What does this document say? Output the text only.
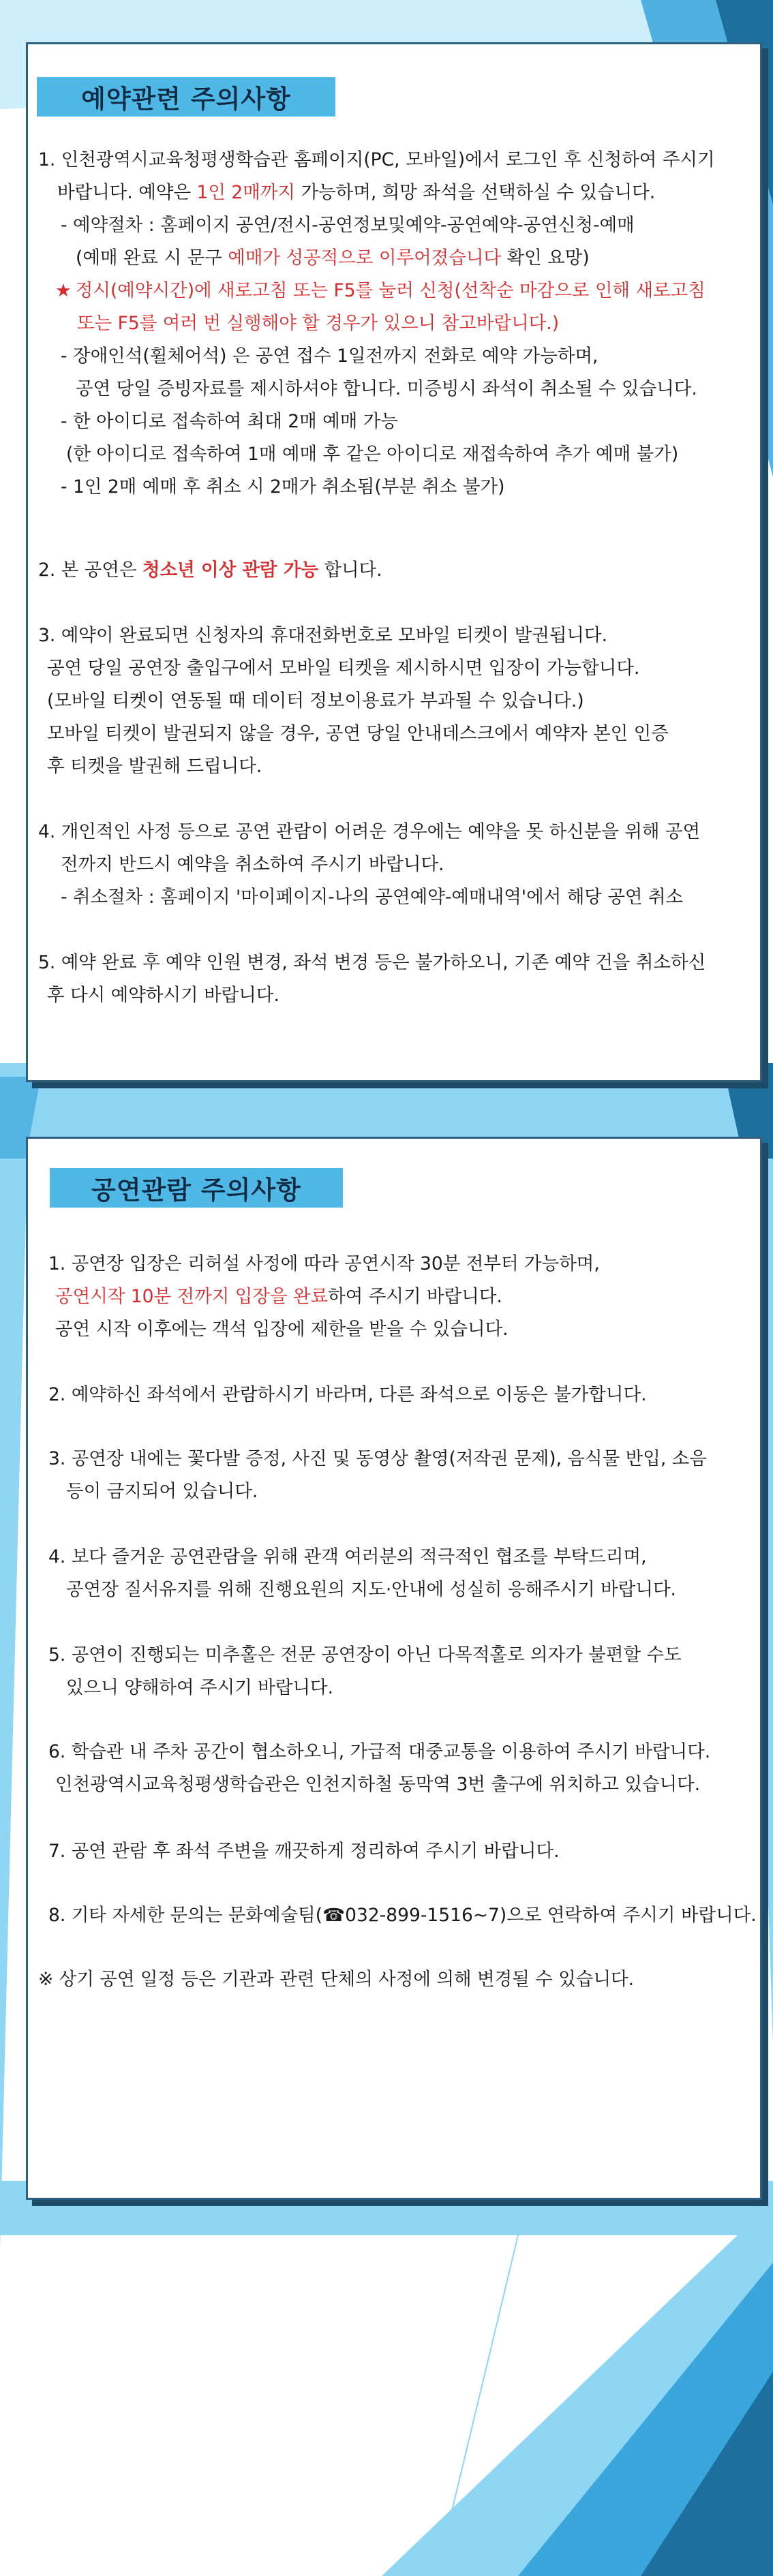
예약관련 주의사항
1. 인천광역시교육청평생학습관 홈페이지(PC, 모바일)에서 로그인 후 신청하여 주시기
바랍니다. 예약은 1인 2매까지 가능하며, 희망 좌석을 선택하실 수 있습니다.
- 예약절차 : 홈페이지 공연/전시-공연정보및예약-공연예약-공연신청-예매
(예매 완료 시 문구 예매가 성공적으로 이루어졌습니다 확인 요망)
★ 정시(예약시간)에 새로고침 또는 F5를 눌러 신청(선착순 마감으로 인해 새로고침
또는 F5를 여러 번 실행해야 할 경우가 있으니 참고바랍니다.)
- 장애인석(휠체어석) 은 공연 접수 1일전까지 전화로 예약 가능하며,
공연 당일 증빙자료를 제시하셔야 합니다. 미증빙시 좌석이 취소될 수 있습니다.
- 한 아이디로 접속하여 최대 2매 예매 가능
(한 아이디로 접속하여 1매 예매 후 같은 아이디로 재접속하여 추가 예매 불가)
- 1인 2매 예매 후 취소 시 2매가 취소됨(부분 취소 불가)
2. 본 공연은 청소년 이상 관람 가능 합니다.
3. 예약이 완료되면 신청자의 휴대전화번호로 모바일 티켓이 발권됩니다.
공연 당일 공연장 출입구에서 모바일 티켓을 제시하시면 입장이 가능합니다.
(모바일 티켓이 연동될 때 데이터 정보이용료가 부과될 수 있습니다.)
모바일 티켓이 발권되지 않을 경우, 공연 당일 안내데스크에서 예약자 본인 인증
후 티켓을 발권해 드립니다.
4. 개인적인 사정 등으로 공연 관람이 어려운 경우에는 예약을 못 하신분을 위해 공연
전까지 반드시 예약을 취소하여 주시기 바랍니다.
- 취소절차 : 홈페이지 '마이페이지-나의 공연예약-예매내역'에서 해당 공연 취소
5. 예약 완료 후 예약 인원 변경, 좌석 변경 등은 불가하오니, 기존 예약 건을 취소하신
후 다시 예약하시기 바랍니다.
공연관람 주의사항
1. 공연장 입장은 리허설 사정에 따라 공연시작 30분 전부터 가능하며,
공연시작 10분 전까지 입장을 완료하여 주시기 바랍니다.
공연 시작 이후에는 객석 입장에 제한을 받을 수 있습니다.
2. 예약하신 좌석에서 관람하시기 바라며, 다른 좌석으로 이동은 불가합니다.
3. 공연장 내에는 꽃다발 증정, 사진 및 동영상 촬영(저작권 문제), 음식물 반입, 소음
등이 금지되어 있습니다.
4. 보다 즐거운 공연관람을 위해 관객 여러분의 적극적인 협조를 부탁드리며,
공연장 질서유지를 위해 진행요원의 지도·안내에 성실히 응해주시기 바랍니다.
5. 공연이 진행되는 미추홀은 전문 공연장이 아닌 다목적홀로 의자가 불편할 수도
있으니 양해하여 주시기 바랍니다.
6. 학습관 내 주차 공간이 협소하오니, 가급적 대중교통을 이용하여 주시기 바랍니다.
인천광역시교육청평생학습관은 인천지하철 동막역 3번 출구에 위치하고 있습니다.
7. 공연 관람 후 좌석 주변을 깨끗하게 정리하여 주시기 바랍니다.
8. 기타 자세한 문의는 문화예술팀(☎032-899-1516~7)으로 연락하여 주시기 바랍니다.
※ 상기 공연 일정 등은 기관과 관련 단체의 사정에 의해 변경될 수 있습니다.
